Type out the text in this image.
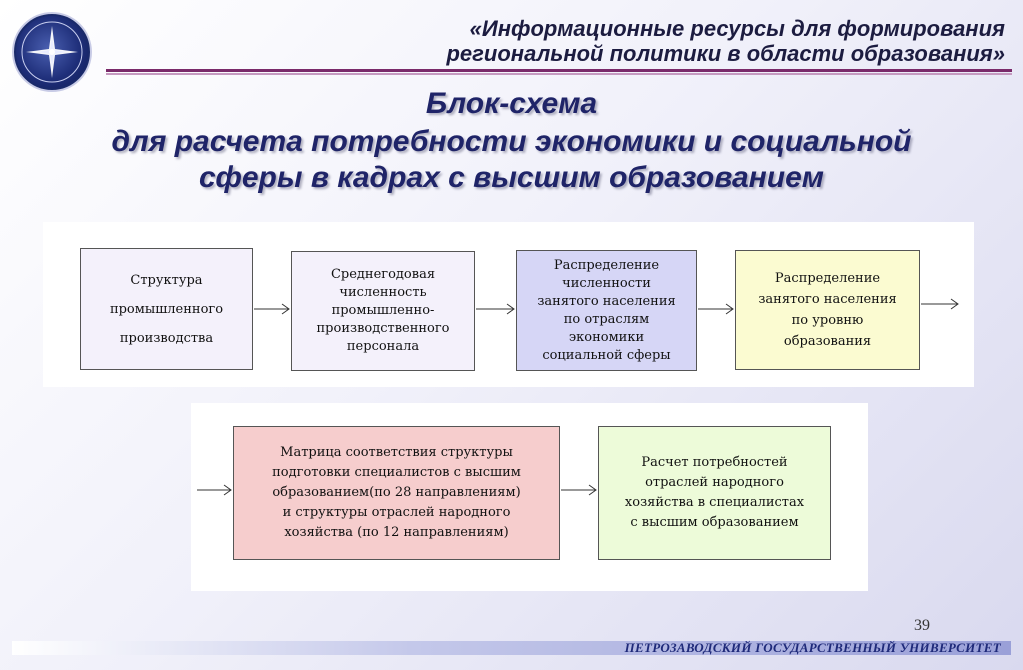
«Информационные ресурсы для формирования
региональной политики в области образования»
Блок-схема
для расчета потребности экономики и социальной
сферы в кадрах с высшим образованием
Структура
промышленного
производства
Среднегодовая
численность
промышленно-
производственного
персонала
Распределение
численности
занятого населения
по отраслям
экономики
социальной сферы
Распределение
занятого населения
по уровню
образования
Матрица соответствия структуры
подготовки специалистов с высшим
образованием(по 28 направлениям)
и структуры отраслей народного
хозяйства (по 12 направлениям)
Расчет потребностей
отраслей народного
хозяйства в специалистах
с высшим образованием
39
ПЕТРОЗАВОДСКИЙ ГОСУДАРСТВЕННЫЙ УНИВЕРСИТЕТ
